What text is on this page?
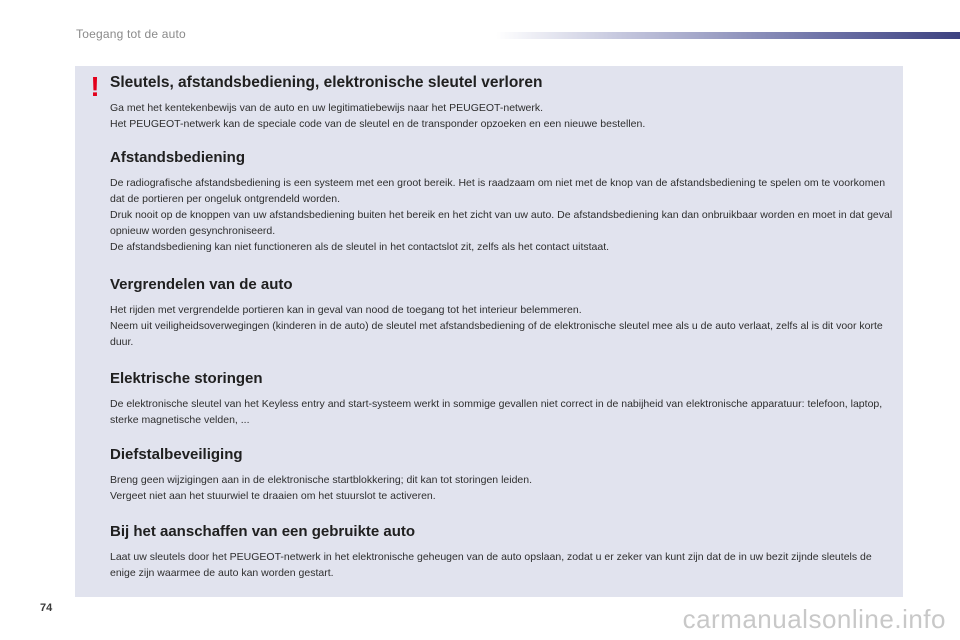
Toegang tot de auto
! Sleutels, afstandsbediening, elektronische sleutel verloren

Ga met het kentekenbewijs van de auto en uw legitimatiebewijs naar het PEUGEOT-netwerk.

Het PEUGEOT-netwerk kan de speciale code van de sleutel en de transponder opzoeken en een nieuwe bestellen.

Afstandsbediening

De radiografische afstandsbediening is een systeem met een groot bereik. Het is raadzaam om niet met de knop van de afstandsbediening te spelen om te voorkomen dat de portieren per ongeluk ontgrendeld worden.

Druk nooit op de knoppen van uw afstandsbediening buiten het bereik en het zicht van uw auto. De afstandsbediening kan dan onbruikbaar worden en moet in dat geval opnieuw worden gesynchroniseerd.

De afstandsbediening kan niet functioneren als de sleutel in het contactslot zit, zelfs als het contact uitstaat.

Vergrendelen van de auto

Het rijden met vergrendelde portieren kan in geval van nood de toegang tot het interieur belemmeren.

Neem uit veiligheidsoverwegingen (kinderen in de auto) de sleutel met afstandsbediening of de elektronische sleutel mee als u de auto verlaat, zelfs al is dit voor korte duur.

Elektrische storingen

De elektronische sleutel van het Keyless entry and start-systeem werkt in sommige gevallen niet correct in de nabijheid van elektronische apparatuur: telefoon, laptop, sterke magnetische velden, ...

Diefstalbeveiliging

Breng geen wijzigingen aan in de elektronische startblokkering; dit kan tot storingen leiden.

Vergeet niet aan het stuurwiel te draaien om het stuurslot te activeren.

Bij het aanschaffen van een gebruikte auto

Laat uw sleutels door het PEUGEOT-netwerk in het elektronische geheugen van de auto opslaan, zodat u er zeker van kunt zijn dat de in uw bezit zijnde sleutels de enige zijn waarmee de auto kan worden gestart.

74	carmanualsonline.info
